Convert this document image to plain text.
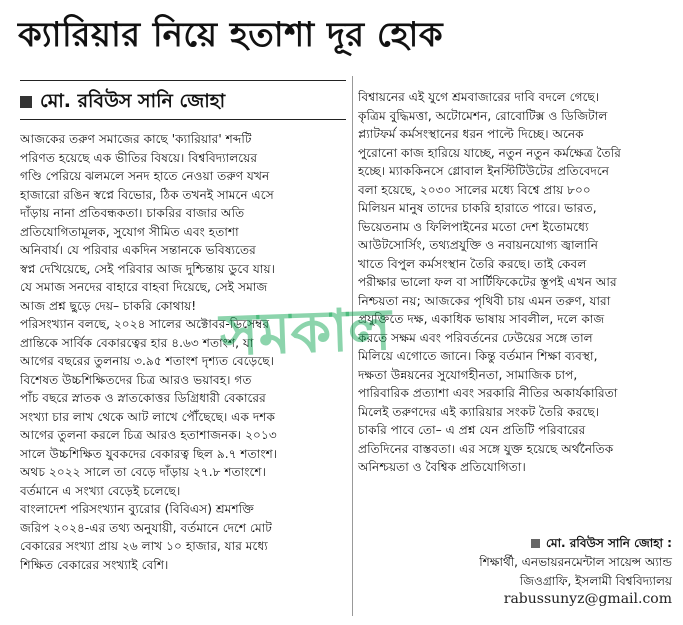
ক্যারিয়ার নিয়ে হতাশা দূর হোক
মো. রবিউস সানি জোহা
আজকের তরুণ সমাজের কাছে 'ক্যারিয়ার' শব্দটি
পরিণত হয়েছে এক ভীতির বিষয়ে। বিশ্ববিদ্যালয়ের
গণ্ডি পেরিয়ে ঝলমলে সনদ হাতে নেওয়া তরুণ যখন
হাজারো রঙিন স্বপ্নে বিভোর, ঠিক তখনই সামনে এসে
দাঁড়ায় নানা প্রতিবন্ধকতা। চাকরির বাজার অতি
প্রতিযোগিতামূলক, সুযোগ সীমিত এবং হতাশা
অনিবার্য। যে পরিবার একদিন সন্তানকে ভবিষ্যতের
স্বপ্ন দেখিয়েছে, সেই পরিবার আজ দুশ্চিন্তায় ডুবে যায়।
যে সমাজ সনদের বাহারে বাহবা দিয়েছে, সেই সমাজ
আজ প্রশ্ন ছুড়ে দেয়– চাকরি কোথায়!
পরিসংখ্যান বলছে, ২০২৪ সালের অক্টোবর-ডিসেম্বর
প্রান্তিকে সার্বিক বেকারত্বের হার ৪.৬৩ শতাংশ, যা
আগের বছরের তুলনায় ৩.৯৫ শতাংশ দৃশ্যত বেড়েছে।
বিশেষত উচ্চশিক্ষিতদের চিত্র আরও ভয়াবহ। গত
পাঁচ বছরে স্নাতক ও স্নাতকোত্তর ডিগ্রিধারী বেকারের
সংখ্যা চার লাখ থেকে আট লাখে পৌঁছেছে। এক দশক
আগের তুলনা করলে চিত্র আরও হতাশাজনক। ২০১৩
সালে উচ্চশিক্ষিত যুবকদের বেকারত্ব ছিল ৯.৭ শতাংশ।
অথচ ২০২২ সালে তা বেড়ে দাঁড়ায় ২৭.৮ শতাংশে।
বর্তমানে এ সংখ্যা বেড়েই চলেছে।
বাংলাদেশ পরিসংখ্যান ব্যুরোর (বিবিএস) শ্রমশক্তি
জরিপ ২০২৪-এর তথ্য অনুযায়ী, বর্তমানে দেশে মোট
বেকারের সংখ্যা প্রায় ২৬ লাখ ১০ হাজার, যার মধ্যে
শিক্ষিত বেকারের সংখ্যাই বেশি।
বিশ্বায়নের এই যুগে শ্রমবাজারের দাবি বদলে গেছে।
কৃত্রিম বুদ্ধিমত্তা, অটোমেশন, রোবোটিক্স ও ডিজিটাল
প্ল্যাটফর্ম কর্মসংস্থানের ধরন পাল্টে দিচ্ছে। অনেক
পুরোনো কাজ হারিয়ে যাচ্ছে, নতুন নতুন কর্মক্ষেত্র তৈরি
হচ্ছে। ম্যাককিনসে গ্লোবাল ইনস্টিটিউটের প্রতিবেদনে
বলা হয়েছে, ২০৩০ সালের মধ্যে বিশ্বে প্রায় ৮০০
মিলিয়ন মানুষ তাদের চাকরি হারাতে পারে। ভারত,
ভিয়েতনাম ও ফিলিপাইনের মতো দেশ ইতোমধ্যে
আউটসোর্সিং, তথ্যপ্রযুক্তি ও নবায়নযোগ্য জ্বালানি
খাতে বিপুল কর্মসংস্থান তৈরি করছে। তাই কেবল
পরীক্ষার ভালো ফল বা সার্টিফিকেটের স্তূপই এখন আর
নিশ্চয়তা নয়; আজকের পৃথিবী চায় এমন তরুণ, যারা
প্রযুক্তিতে দক্ষ, একাধিক ভাষায় সাবলীল, দলে কাজ
করতে সক্ষম এবং পরিবর্তনের ঢেউয়ের সঙ্গে তাল
মিলিয়ে এগোতে জানে। কিন্তু বর্তমান শিক্ষা ব্যবস্থা,
দক্ষতা উন্নয়নের সুযোগহীনতা, সামাজিক চাপ,
পারিবারিক প্রত্যাশা এবং সরকারি নীতির অকার্যকারিতা
মিলেই তরুণদের এই ক্যারিয়ার সংকট তৈরি করছে।
চাকরি পাবে তো– এ প্রশ্ন যেন প্রতিটি পরিবারের
প্রতিদিনের বাস্তবতা। এর সঙ্গে যুক্ত হয়েছে অর্থনৈতিক
অনিশ্চয়তা ও বৈশ্বিক প্রতিযোগিতা।
সমকাল
মো. রবিউস সানি জোহা :
শিক্ষার্থী, এনভায়রনমেন্টাল সায়েন্স অ্যান্ড
জিওগ্রাফি, ইসলামী বিশ্ববিদ্যালয়
rabussunyz@gmail.com
